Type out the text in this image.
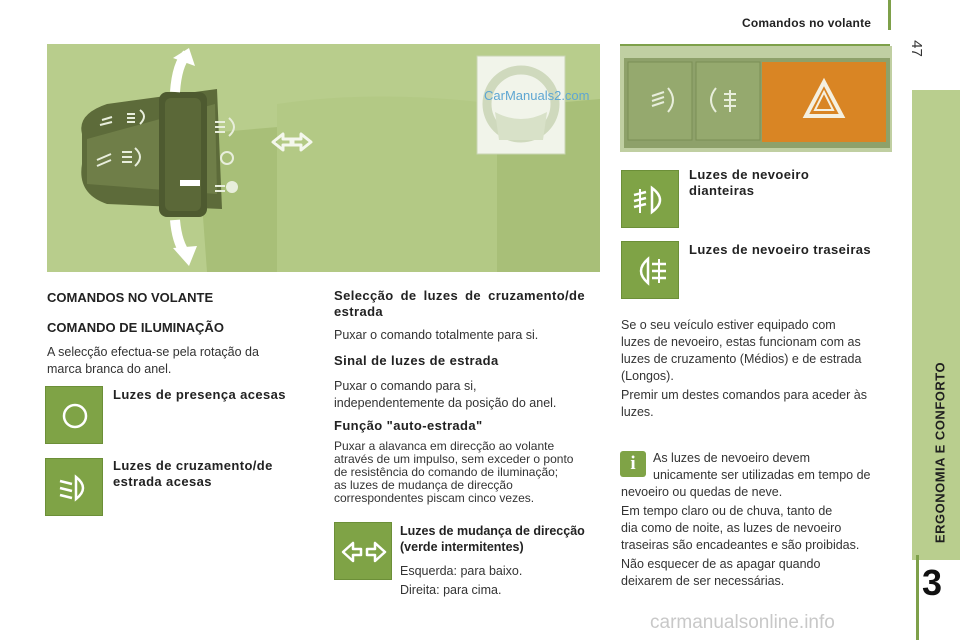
Comandos no volante
47
ERGONOMIA E CONFORTO
3
CarManuals2.com
COMANDOS NO VOLANTE
COMANDO DE ILUMINAÇÃO
A selecção efectua-se pela rotação da
marca branca do anel.
Luzes de presença acesas
Luzes de cruzamento/de
estrada acesas
Selecção de luzes de cruzamento/de
estrada
Puxar o comando totalmente para si.
Sinal de luzes de estrada
Puxar o comando para si,
independentemente da posição do anel.
Função "auto-estrada"
Puxar a alavanca em direcção ao volante
através de um impulso, sem exceder o ponto
de resistência do comando de iluminação;
as luzes de mudança de direcção
correspondentes piscam cinco vezes.
Luzes de mudança de direcção
(verde intermitentes)
Esquerda: para baixo.
Direita: para cima.
Luzes de nevoeiro
dianteiras
Luzes de nevoeiro traseiras
Se o seu veículo estiver equipado com
luzes de nevoeiro, estas funcionam com as
luzes de cruzamento (Médios) e de estrada
(Longos).
Premir um destes comandos para aceder às
luzes.
i	As luzes de nevoeiro devem
unicamente ser utilizadas em tempo de
nevoeiro ou quedas de neve.
Em tempo claro ou de chuva, tanto de
dia como de noite, as luzes de nevoeiro
traseiras são encadeantes e são proibidas.
Não esquecer de as apagar quando
deixarem de ser necessárias.
carmanualsonline.info
